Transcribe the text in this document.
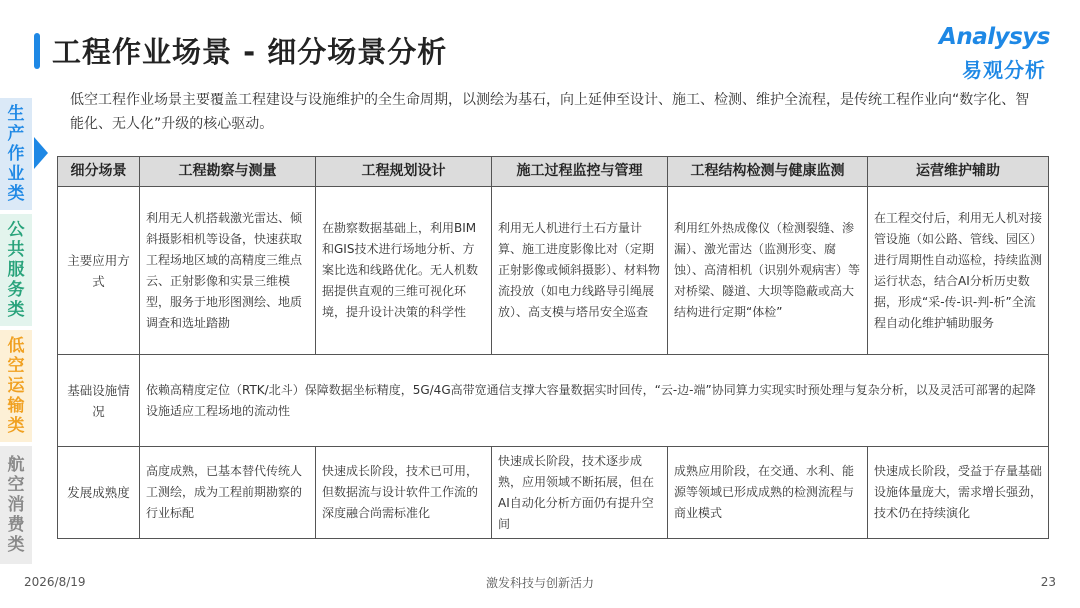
工程作业场景 - 细分场景分析	Analysys
易观分析
低空工程作业场景主要覆盖工程建设与设施维护的全生命周期，以测绘为基石，向上延伸至设计、施工、检测、维护全流程，是传统工程作业向“数字化、智能化、无人化”升级的核心驱动。
生产作业类
公共服务类
低空运输类
航空消费类
细分场景	工程勘察与测量	工程规划设计	施工过程监控与管理	工程结构检测与健康监测	运营维护辅助
主要应用方式	利用无人机搭载激光雷达、倾斜摄影相机等设备，快速获取工程场地区域的高精度三维点云、正射影像和实景三维模型，服务于地形图测绘、地质调查和选址踏勘	在勘察数据基础上，利用BIM和GIS技术进行场地分析、方案比选和线路优化。无人机数据提供直观的三维可视化环境，提升设计决策的科学性	利用无人机进行土石方量计算、施工进度影像比对（定期正射影像或倾斜摄影）、材料物流投放（如电力线路导引绳展放）、高支模与塔吊安全巡查	利用红外热成像仪（检测裂缝、渗漏）、激光雷达（监测形变、腐蚀）、高清相机（识别外观病害）等对桥梁、隧道、大坝等隐蔽或高大结构进行定期“体检”	在工程交付后，利用无人机对接管设施（如公路、管线、园区）进行周期性自动巡检，持续监测运行状态，结合AI分析历史数据，形成“采-传-识-判-析”全流程自动化维护辅助服务
基础设施情况	依赖高精度定位（RTK/北斗）保障数据坐标精度，5G/4G高带宽通信支撑大容量数据实时回传，“云-边-端”协同算力实现实时预处理与复杂分析，以及灵活可部署的起降设施适应工程场地的流动性				
发展成熟度	高度成熟，已基本替代传统人工测绘，成为工程前期勘察的行业标配	快速成长阶段，技术已可用，但数据流与设计软件工作流的深度融合尚需标准化	快速成长阶段，技术逐步成熟，应用领域不断拓展，但在AI自动化分析方面仍有提升空间	成熟应用阶段，在交通、水利、能源等领域已形成成熟的检测流程与商业模式	快速成长阶段，受益于存量基础设施体量庞大，需求增长强劲，技术仍在持续演化
2026/8/19	激发科技与创新活力	23
